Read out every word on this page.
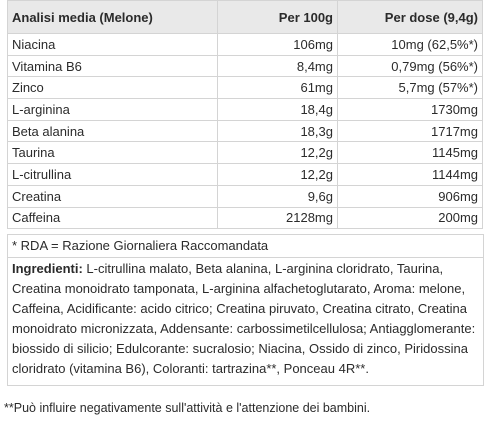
Analisi media (Melone)	Per 100g	Per dose (9,4g)
Niacina	106mg	10mg (62,5%*)
Vitamina B6	8,4mg	0,79mg (56%*)
Zinco	61mg	5,7mg (57%*)
L-arginina	18,4g	1730mg
Beta alanina	18,3g	1717mg
Taurina	12,2g	1145mg
L-citrullina	12,2g	1144mg
Creatina	9,6g	906mg
Caffeina	2128mg	200mg
* RDA = Razione Giornaliera Raccomandata
Ingredienti: L-citrullina malato, Beta alanina, L-arginina cloridrato, Taurina, Creatina monoidrato tamponata, L-arginina alfachetoglutarato, Aroma: melone, Caffeina, Acidificante: acido citrico; Creatina piruvato, Creatina citrato, Creatina monoidrato micronizzata, Addensante: carbossimetilcellulosa; Antiagglomerante: biossido di silicio; Edulcorante: sucralosio; Niacina, Ossido di zinco, Piridossina cloridrato (vitamina B6), Coloranti: tartrazina**, Ponceau 4R**.
**Può influire negativamente sull'attività e l'attenzione dei bambini.
